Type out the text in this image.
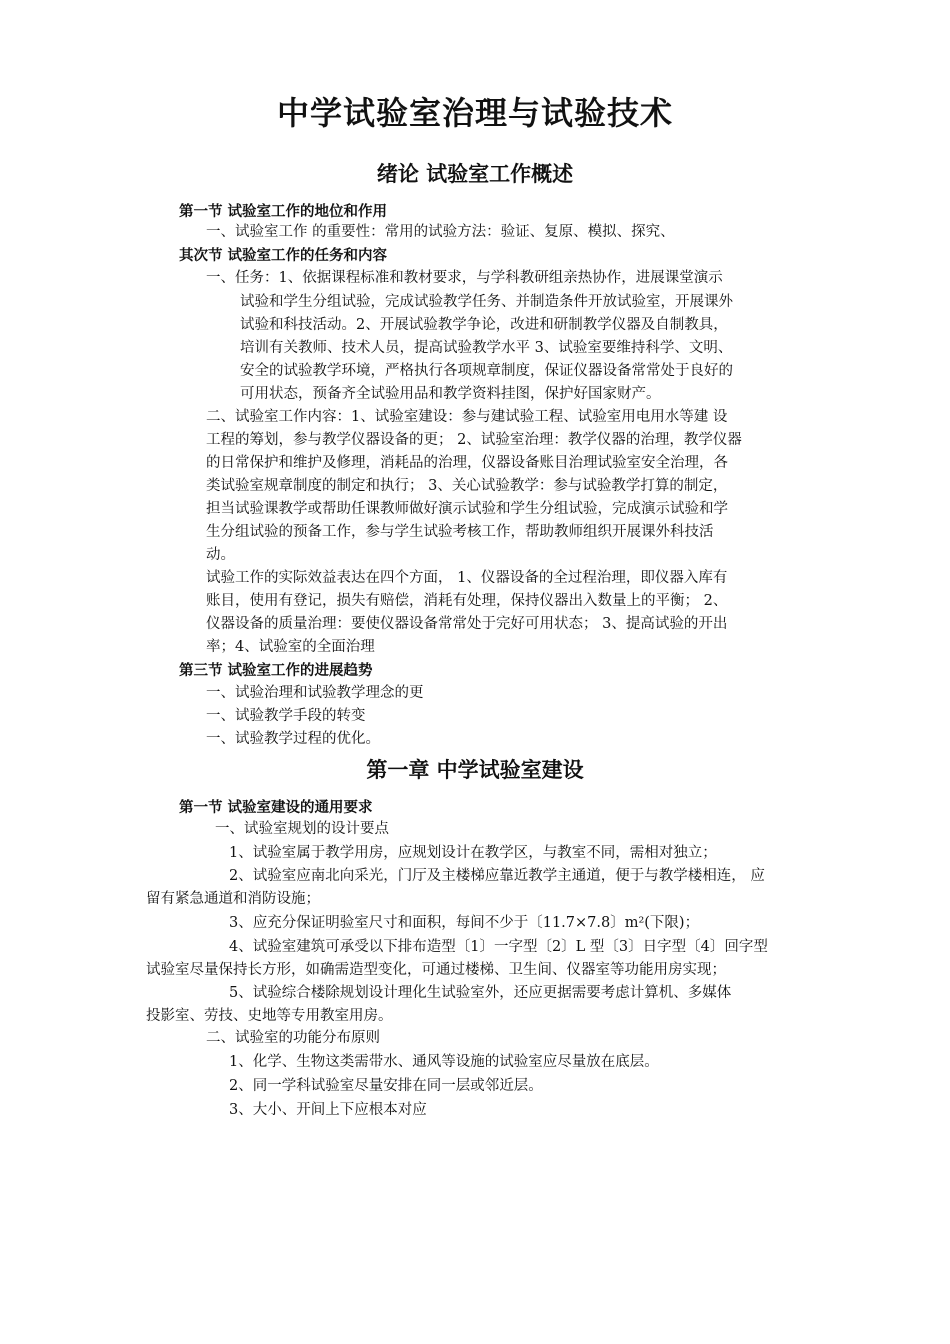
中学试验室治理与试验技术
绪论 试验室工作概述
第一节 试验室工作的地位和作用
一、试验室工作 的重要性：常用的试验方法：验证、复原、模拟、探究、
其次节 试验室工作的任务和内容
一、任务：1、依据课程标准和教材要求，与学科教研组亲热协作，进展课堂演示
试验和学生分组试验，完成试验教学任务、并制造条件开放试验室，开展课外
试验和科技活动。2、开展试验教学争论，改进和研制教学仪器及自制教具，
培训有关教师、技术人员，提高试验教学水平 3、试验室要维持科学、文明、
安全的试验教学环境，严格执行各项规章制度，保证仪器设备常常处于良好的
可用状态，预备齐全试验用品和教学资料挂图，保护好国家财产。
二、试验室工作内容：1、试验室建设：参与建试验工程、试验室用电用水等建 设
工程的筹划，参与教学仪器设备的更； 2、试验室治理：教学仪器的治理，教学仪器
的日常保护和维护及修理，消耗品的治理，仪器设备账目治理试验室安全治理，各
类试验室规章制度的制定和执行； 3、关心试验教学：参与试验教学打算的制定，
担当试验课教学或帮助任课教师做好演示试验和学生分组试验，完成演示试验和学
生分组试验的预备工作，参与学生试验考核工作，帮助教师组织开展课外科技活
动。
试验工作的实际效益表达在四个方面， 1、仪器设备的全过程治理，即仪器入库有
账目，使用有登记，损失有赔偿，消耗有处理，保持仪器出入数量上的平衡； 2、
仪器设备的质量治理：要使仪器设备常常处于完好可用状态； 3、提高试验的开出
率；4、试验室的全面治理
第三节 试验室工作的进展趋势
一、试验治理和试验教学理念的更
一、试验教学手段的转变
一、试验教学过程的优化。
第一章 中学试验室建设
第一节 试验室建设的通用要求
一、试验室规划的设计要点
1、试验室属于教学用房，应规划设计在教学区，与教室不同，需相对独立；
2、试验室应南北向采光，门厅及主楼梯应靠近教学主通道，便于与教学楼相连， 应
留有紧急通道和消防设施；
3、应充分保证明验室尺寸和面积，每间不少于〔11.7×7.8〕m²(下限)；
4、试验室建筑可承受以下排布造型〔1〕一字型〔2〕L 型〔3〕日字型〔4〕回字型
试验室尽量保持长方形，如确需造型变化，可通过楼梯、卫生间、仪器室等功能用房实现；
5、试验综合楼除规划设计理化生试验室外，还应更据需要考虑计算机、多媒体
投影室、劳技、史地等专用教室用房。
二、试验室的功能分布原则
1、化学、生物这类需带水、通风等设施的试验室应尽量放在底层。
2、同一学科试验室尽量安排在同一层或邻近层。
3、大小、开间上下应根本对应
